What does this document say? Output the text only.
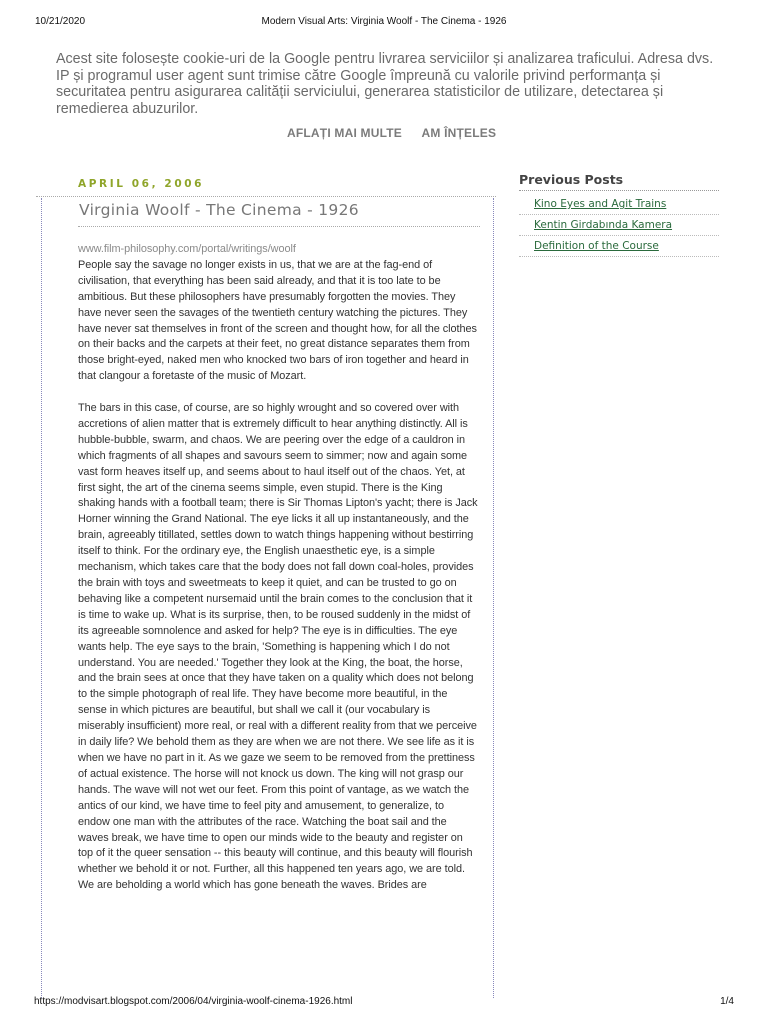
10/21/2020	Modern Visual Arts: Virginia Woolf - The Cinema - 1926
Acest site folosește cookie-uri de la Google pentru livrarea serviciilor și analizarea traficului. Adresa dvs. IP și programul user agent sunt trimise către Google împreună cu valorile privind performanța și securitatea pentru asigurarea calității serviciului, generarea statisticilor de utilizare, detectarea și remedierea abuzurilor.
AFLAȚI MAI MULTE AM ÎNȚELES
APRIL 06, 2006
Virginia Woolf - The Cinema - 1926
www.film-philosophy.com/portal/writings/woolf

People say the savage no longer exists in us, that we are at the fag-end of civilisation, that everything has been said already, and that it is too late to be ambitious. But these philosophers have presumably forgotten the movies. They have never seen the savages of the twentieth century watching the pictures. They have never sat themselves in front of the screen and thought how, for all the clothes on their backs and the carpets at their feet, no great distance separates them from those bright-eyed, naked men who knocked two bars of iron together and heard in that clangour a foretaste of the music of Mozart.

The bars in this case, of course, are so highly wrought and so covered over with accretions of alien matter that is extremely difficult to hear anything distinctly. All is hubble-bubble, swarm, and chaos. We are peering over the edge of a cauldron in which fragments of all shapes and savours seem to simmer; now and again some vast form heaves itself up, and seems about to haul itself out of the chaos. Yet, at first sight, the art of the cinema seems simple, even stupid. There is the King shaking hands with a football team; there is Sir Thomas Lipton's yacht; there is Jack Horner winning the Grand National. The eye licks it all up instantaneously, and the brain, agreeably titillated, settles down to watch things happening without bestirring itself to think. For the ordinary eye, the English unaesthetic eye, is a simple mechanism, which takes care that the body does not fall down coal-holes, provides the brain with toys and sweetmeats to keep it quiet, and can be trusted to go on behaving like a competent nursemaid until the brain comes to the conclusion that it is time to wake up. What is its surprise, then, to be roused suddenly in the midst of its agreeable somnolence and asked for help? The eye is in difficulties. The eye wants help. The eye says to the brain, 'Something is happening which I do not understand. You are needed.' Together they look at the King, the boat, the horse, and the brain sees at once that they have taken on a quality which does not belong to the simple photograph of real life. They have become more beautiful, in the sense in which pictures are beautiful, but shall we call it (our vocabulary is miserably insufficient) more real, or real with a different reality from that we perceive in daily life? We behold them as they are when we are not there. We see life as it is when we have no part in it. As we gaze we seem to be removed from the prettiness of actual existence. The horse will not knock us down. The king will not grasp our hands. The wave will not wet our feet. From this point of vantage, as we watch the antics of our kind, we have time to feel pity and amusement, to generalize, to endow one man with the attributes of the race. Watching the boat sail and the waves break, we have time to open our minds wide to the beauty and register on top of it the queer sensation -- this beauty will continue, and this beauty will flourish whether we behold it or not. Further, all this happened ten years ago, we are told. We are beholding a world which has gone beneath the waves. Brides are

Previous Posts
Kino Eyes and Agit Trains
Kentin Girdabında Kamera
Definition of the Course
https://modvisart.blogspot.com/2006/04/virginia-woolf-cinema-1926.html	1/4
